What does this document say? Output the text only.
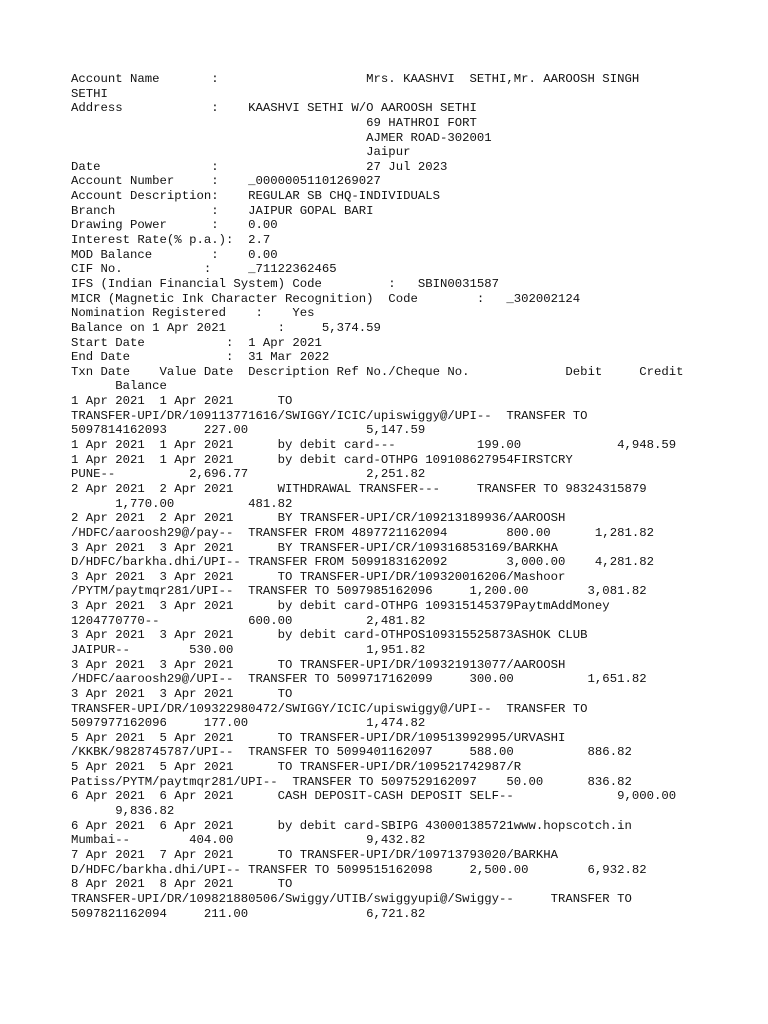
Account Name       :                    Mrs. KAASHVI  SETHI,Mr. AAROOSH SINGH
SETHI
Address            :    KAASHVI SETHI W/O AAROOSH SETHI
69 HATHROI FORT
AJMER ROAD-302001
Jaipur
Date               :                    27 Jul 2023
Account Number     :    _00000051101269027
Account Description:    REGULAR SB CHQ-INDIVIDUALS
Branch             :    JAIPUR GOPAL BARI
Drawing Power      :    0.00
Interest Rate(% p.a.):  2.7
MOD Balance        :    0.00
CIF No.           :     _71122362465
IFS (Indian Financial System) Code         :   SBIN0031587
MICR (Magnetic Ink Character Recognition)  Code        :   _302002124
Nomination Registered    :    Yes
Balance on 1 Apr 2021       :     5,374.59
Start Date           :  1 Apr 2021
End Date             :  31 Mar 2022
Txn Date    Value Date  Description Ref No./Cheque No.             Debit     Credit
Balance
1 Apr 2021  1 Apr 2021      TO
TRANSFER-UPI/DR/109113771616/SWIGGY/ICIC/upiswiggy@/UPI--  TRANSFER TO
5097814162093     227.00                5,147.59
1 Apr 2021  1 Apr 2021      by debit card---           199.00             4,948.59
1 Apr 2021  1 Apr 2021      by debit card-OTHPG 109108627954FIRSTCRY
PUNE--          2,696.77                2,251.82
2 Apr 2021  2 Apr 2021      WITHDRAWAL TRANSFER---     TRANSFER TO 98324315879
1,770.00          481.82
2 Apr 2021  2 Apr 2021      BY TRANSFER-UPI/CR/109213189936/AAROOSH
/HDFC/aaroosh29@/pay--  TRANSFER FROM 4897721162094        800.00      1,281.82
3 Apr 2021  3 Apr 2021      BY TRANSFER-UPI/CR/109316853169/BARKHA
D/HDFC/barkha.dhi/UPI-- TRANSFER FROM 5099183162092        3,000.00    4,281.82
3 Apr 2021  3 Apr 2021      TO TRANSFER-UPI/DR/109320016206/Mashoor
/PYTM/paytmqr281/UPI--  TRANSFER TO 5097985162096     1,200.00        3,081.82
3 Apr 2021  3 Apr 2021      by debit card-OTHPG 109315145379PaytmAddMoney
1204770770--            600.00          2,481.82
3 Apr 2021  3 Apr 2021      by debit card-OTHPOS109315525873ASHOK CLUB
JAIPUR--        530.00                  1,951.82
3 Apr 2021  3 Apr 2021      TO TRANSFER-UPI/DR/109321913077/AAROOSH
/HDFC/aaroosh29@/UPI--  TRANSFER TO 5099717162099     300.00          1,651.82
3 Apr 2021  3 Apr 2021      TO
TRANSFER-UPI/DR/109322980472/SWIGGY/ICIC/upiswiggy@/UPI--  TRANSFER TO
5097977162096     177.00                1,474.82
5 Apr 2021  5 Apr 2021      TO TRANSFER-UPI/DR/109513992995/URVASHI
/KKBK/9828745787/UPI--  TRANSFER TO 5099401162097     588.00          886.82
5 Apr 2021  5 Apr 2021      TO TRANSFER-UPI/DR/109521742987/R
Patiss/PYTM/paytmqr281/UPI--  TRANSFER TO 5097529162097    50.00      836.82
6 Apr 2021  6 Apr 2021      CASH DEPOSIT-CASH DEPOSIT SELF--              9,000.00
9,836.82
6 Apr 2021  6 Apr 2021      by debit card-SBIPG 430001385721www.hopscotch.in
Mumbai--        404.00                  9,432.82
7 Apr 2021  7 Apr 2021      TO TRANSFER-UPI/DR/109713793020/BARKHA
D/HDFC/barkha.dhi/UPI-- TRANSFER TO 5099515162098     2,500.00        6,932.82
8 Apr 2021  8 Apr 2021      TO
TRANSFER-UPI/DR/109821880506/Swiggy/UTIB/swiggyupi@/Swiggy--     TRANSFER TO
5097821162094     211.00                6,721.82
